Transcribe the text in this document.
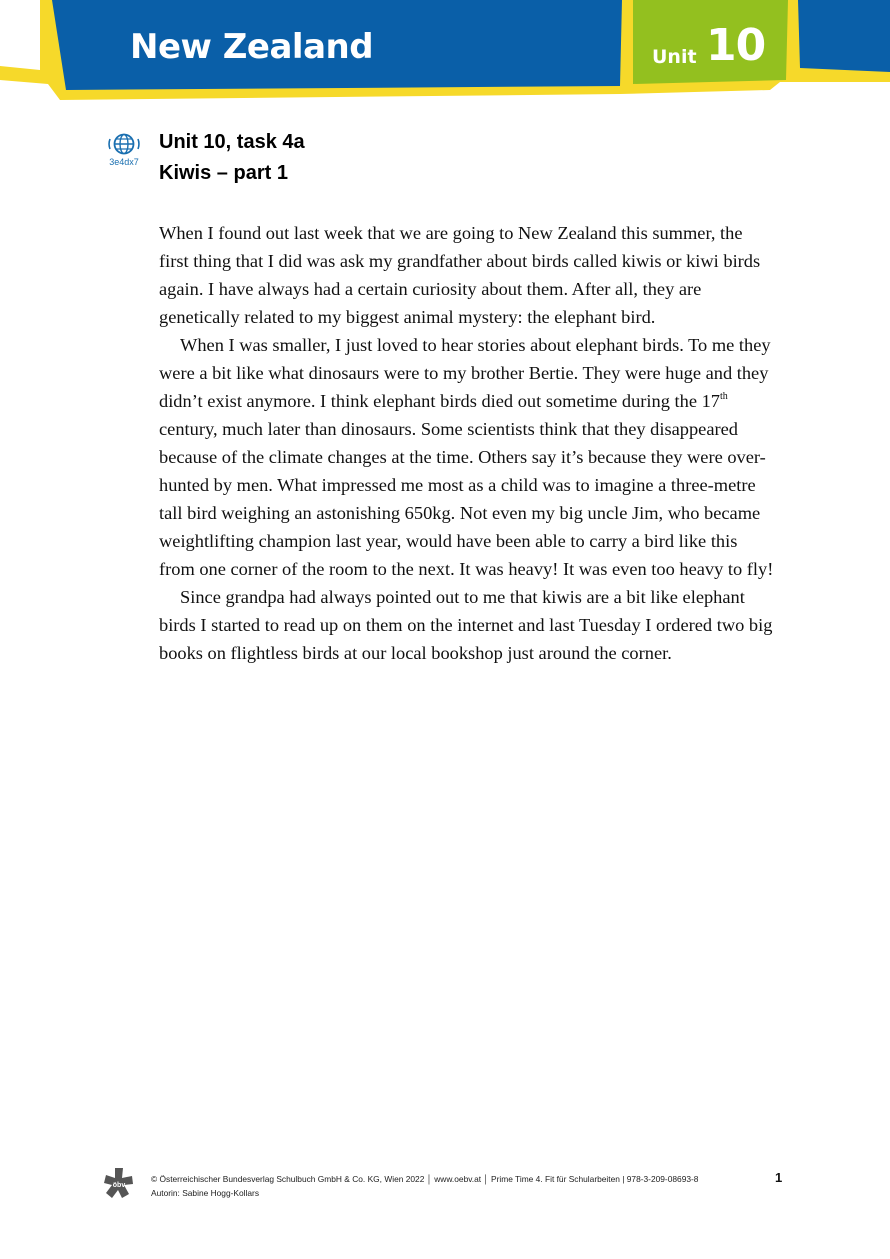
New Zealand	Unit 10
3e4dx7
Unit 10, task 4a
Kiwis – part 1

When I found out last week that we are going to New Zealand this summer, the

first thing that I did was ask my grandfather about birds called kiwis or kiwi birds

again. I have always had a certain curiosity about them. After all, they are

genetically related to my biggest animal mystery: the elephant bird.

When I was smaller, I just loved to hear stories about elephant birds. To me they

were a bit like what dinosaurs were to my brother Bertie. They were huge and they

didn’t exist anymore. I think elephant birds died out sometime during the 17th

century, much later than dinosaurs. Some scientists think that they disappeared

because of the climate changes at the time. Others say it’s because they were over-

hunted by men. What impressed me most as a child was to imagine a three-metre

tall bird weighing an astonishing 650kg. Not even my big uncle Jim, who became

weightlifting champion last year, would have been able to carry a bird like this

from one corner of the room to the next. It was heavy! It was even too heavy to fly!

Since grandpa had always pointed out to me that kiwis are a bit like elephant

birds I started to read up on them on the internet and last Tuesday I ordered two big

books on flightless birds at our local bookshop just around the corner.

öbv
© Österreichischer Bundesverlag Schulbuch GmbH & Co. KG, Wien 2022 │ www.oebv.at │ Prime Time 4. Fit für Schularbeiten | 978-3-209-08693-8
Autorin: Sabine Hogg-Kollars
1
